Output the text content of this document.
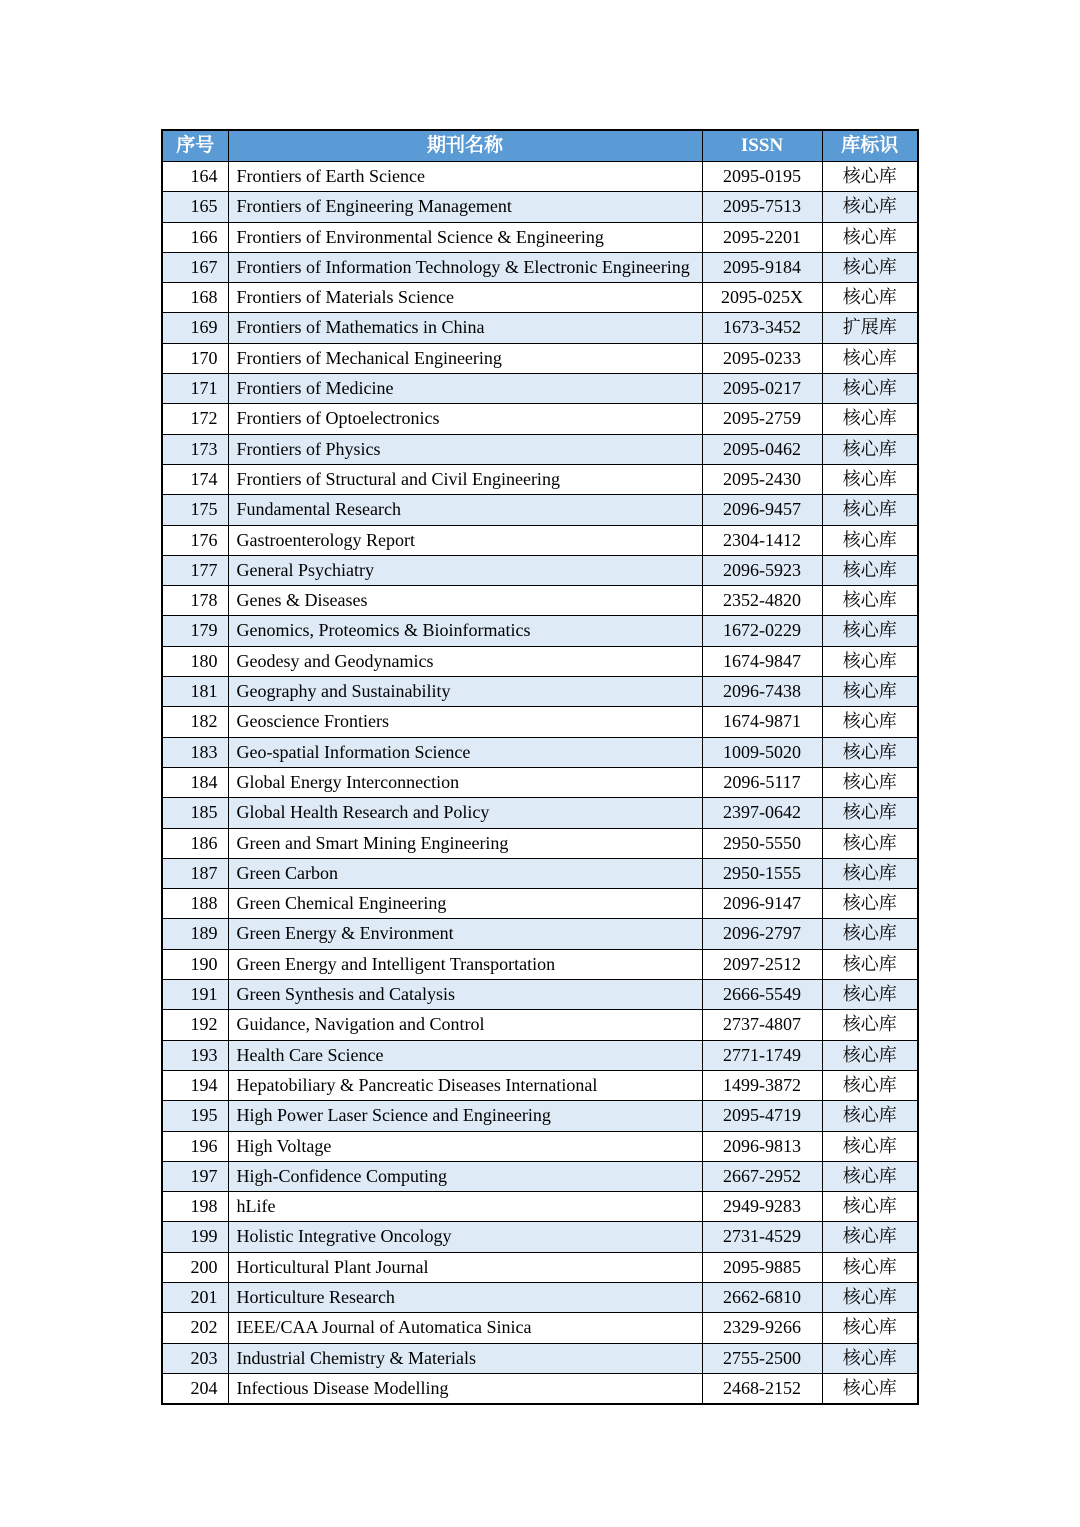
序号	期刊名称	ISSN	库标识
164	Frontiers of Earth Science	2095-0195	核心库
165	Frontiers of Engineering Management	2095-7513	核心库
166	Frontiers of Environmental Science & Engineering	2095-2201	核心库
167	Frontiers of Information Technology & Electronic Engineering	2095-9184	核心库
168	Frontiers of Materials Science	2095-025X	核心库
169	Frontiers of Mathematics in China	1673-3452	扩展库
170	Frontiers of Mechanical Engineering	2095-0233	核心库
171	Frontiers of Medicine	2095-0217	核心库
172	Frontiers of Optoelectronics	2095-2759	核心库
173	Frontiers of Physics	2095-0462	核心库
174	Frontiers of Structural and Civil Engineering	2095-2430	核心库
175	Fundamental Research	2096-9457	核心库
176	Gastroenterology Report	2304-1412	核心库
177	General Psychiatry	2096-5923	核心库
178	Genes & Diseases	2352-4820	核心库
179	Genomics, Proteomics & Bioinformatics	1672-0229	核心库
180	Geodesy and Geodynamics	1674-9847	核心库
181	Geography and Sustainability	2096-7438	核心库
182	Geoscience Frontiers	1674-9871	核心库
183	Geo-spatial Information Science	1009-5020	核心库
184	Global Energy Interconnection	2096-5117	核心库
185	Global Health Research and Policy	2397-0642	核心库
186	Green and Smart Mining Engineering	2950-5550	核心库
187	Green Carbon	2950-1555	核心库
188	Green Chemical Engineering	2096-9147	核心库
189	Green Energy & Environment	2096-2797	核心库
190	Green Energy and Intelligent Transportation	2097-2512	核心库
191	Green Synthesis and Catalysis	2666-5549	核心库
192	Guidance, Navigation and Control	2737-4807	核心库
193	Health Care Science	2771-1749	核心库
194	Hepatobiliary & Pancreatic Diseases International	1499-3872	核心库
195	High Power Laser Science and Engineering	2095-4719	核心库
196	High Voltage	2096-9813	核心库
197	High-Confidence Computing	2667-2952	核心库
198	hLife	2949-9283	核心库
199	Holistic Integrative Oncology	2731-4529	核心库
200	Horticultural Plant Journal	2095-9885	核心库
201	Horticulture Research	2662-6810	核心库
202	IEEE/CAA Journal of Automatica Sinica	2329-9266	核心库
203	Industrial Chemistry & Materials	2755-2500	核心库
204	Infectious Disease Modelling	2468-2152	核心库
